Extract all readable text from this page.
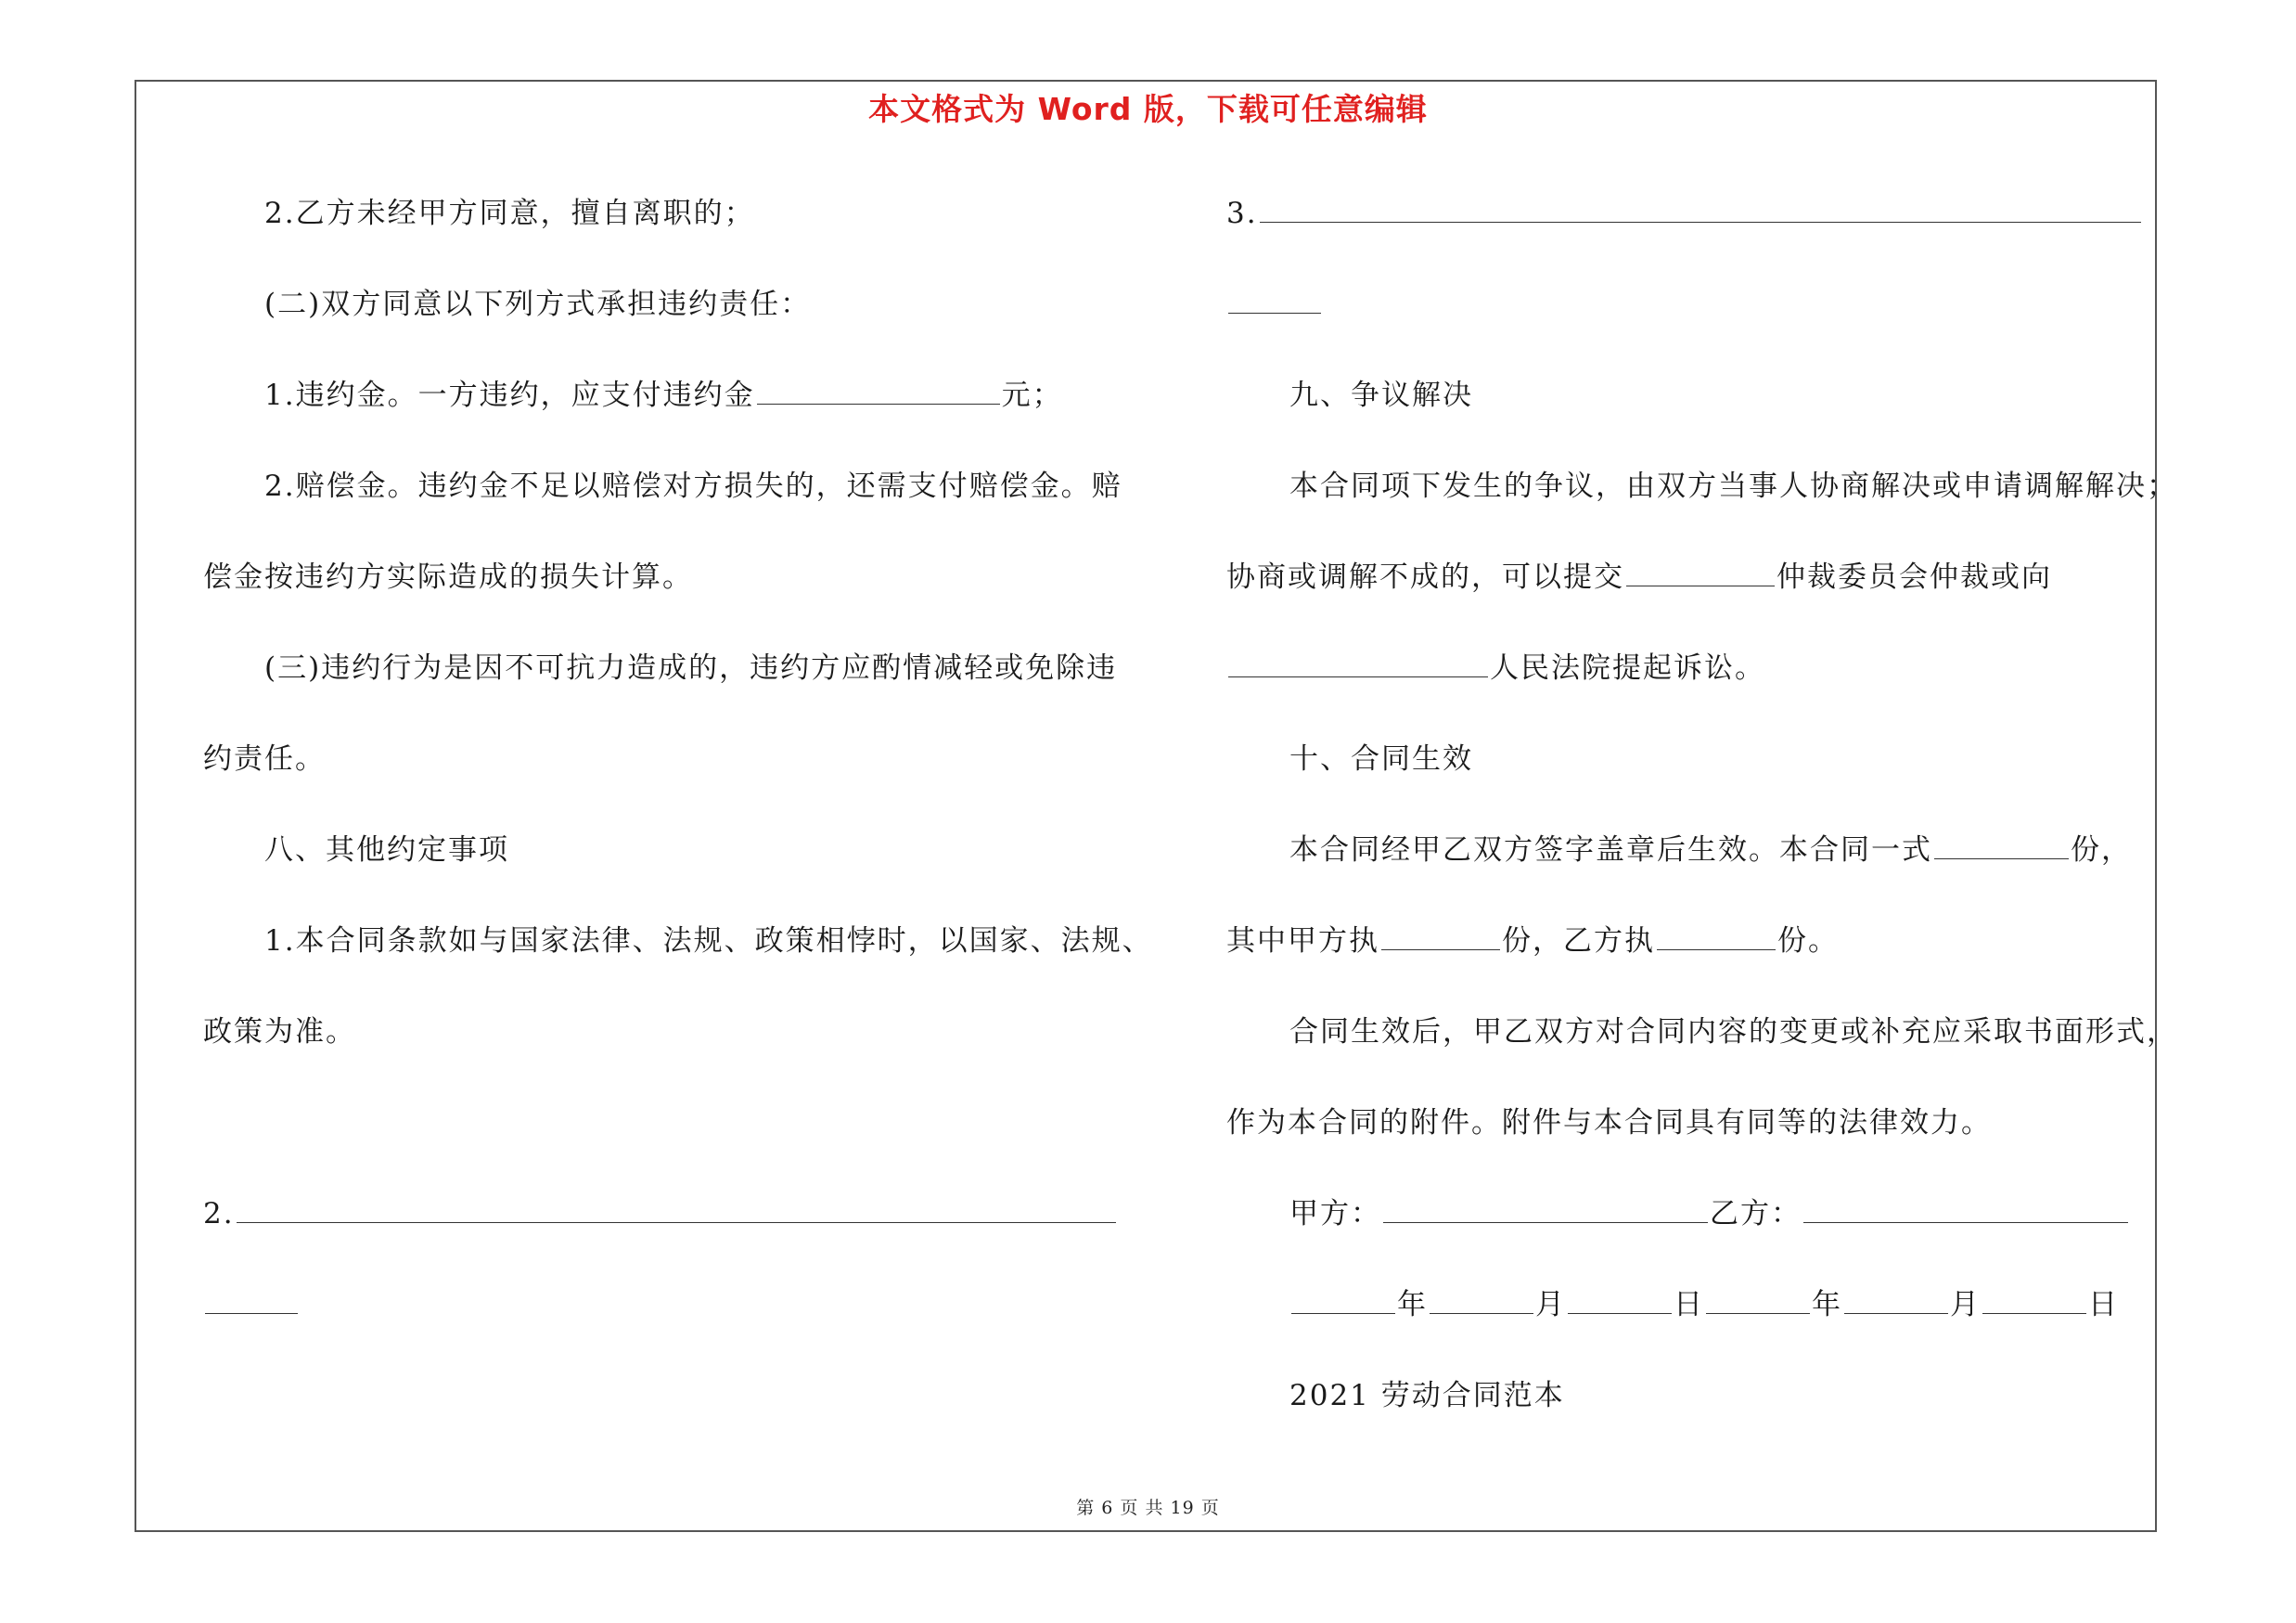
本文格式为 Word 版，下载可任意编辑
2.乙方未经甲方同意，擅自离职的；
(二)双方同意以下列方式承担违约责任：
1.违约金。一方违约，应支付违约金	元；
2.赔偿金。违约金不足以赔偿对方损失的，还需支付赔偿金。赔
偿金按违约方实际造成的损失计算。
(三)违约行为是因不可抗力造成的，违约方应酌情减轻或免除违
约责任。
八、其他约定事项
1.本合同条款如与国家法律、法规、政策相悖时，以国家、法规、
政策为准。
2.
3.
九、争议解决
本合同项下发生的争议，由双方当事人协商解决或申请调解解决；
协商或调解不成的，可以提交	仲裁委员会仲裁或向
人民法院提起诉讼。
十、合同生效
本合同经甲乙双方签字盖章后生效。本合同一式	份，
其中甲方执	份，乙方执	份。
合同生效后，甲乙双方对合同内容的变更或补充应采取书面形式，
作为本合同的附件。附件与本合同具有同等的法律效力。
甲方：	乙方：
年	月	日	年	月	日
2021 劳动合同范本
第 6 页 共 19 页
